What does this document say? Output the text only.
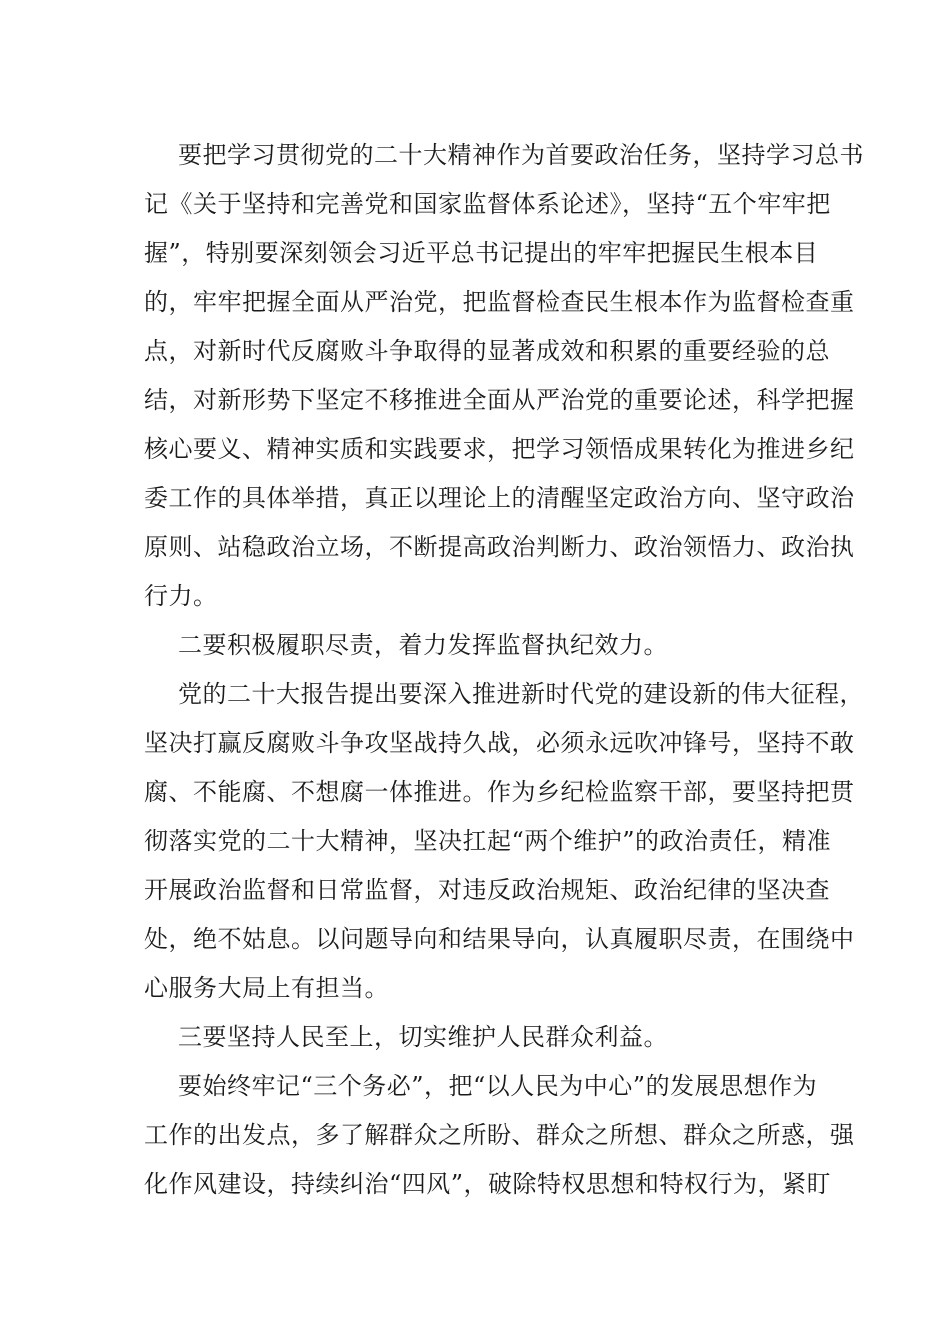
要把学习贯彻党的二十大精神作为首要政治任务，坚持学习总书
记《关于坚持和完善党和国家监督体系论述》，坚持“五个牢牢把
握”，特别要深刻领会习近平总书记提出的牢牢把握民生根本目
的，牢牢把握全面从严治党，把监督检查民生根本作为监督检查重
点，对新时代反腐败斗争取得的显著成效和积累的重要经验的总
结，对新形势下坚定不移推进全面从严治党的重要论述，科学把握
核心要义、精神实质和实践要求，把学习领悟成果转化为推进乡纪
委工作的具体举措，真正以理论上的清醒坚定政治方向、坚守政治
原则、站稳政治立场，不断提高政治判断力、政治领悟力、政治执
行力。
二要积极履职尽责，着力发挥监督执纪效力。
党的二十大报告提出要深入推进新时代党的建设新的伟大征程，
坚决打赢反腐败斗争攻坚战持久战，必须永远吹冲锋号，坚持不敢
腐、不能腐、不想腐一体推进。作为乡纪检监察干部，要坚持把贯
彻落实党的二十大精神，坚决扛起“两个维护”的政治责任，精准
开展政治监督和日常监督，对违反政治规矩、政治纪律的坚决查
处，绝不姑息。以问题导向和结果导向，认真履职尽责，在围绕中
心服务大局上有担当。
三要坚持人民至上，切实维护人民群众利益。
要始终牢记“三个务必”，把“以人民为中心”的发展思想作为
工作的出发点，多了解群众之所盼、群众之所想、群众之所惑，强
化作风建设，持续纠治“四风”，破除特权思想和特权行为，紧盯
